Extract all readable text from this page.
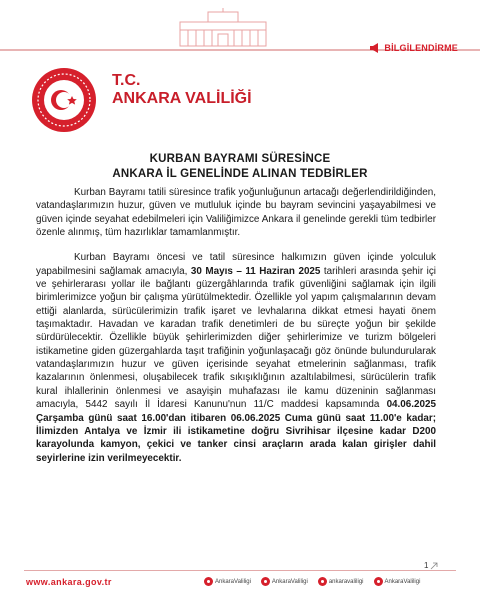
BİLGİLENDİRME
T.C.
ANKARA VALİLİĞİ
KURBAN BAYRAMI SÜRESİNCE
ANKARA İL GENELİNDE ALINAN TEDBİRLER

Kurban Bayramı tatili süresince trafik yoğunluğunun artacağı değerlendirildiğinden, vatandaşlarımızın huzur, güven ve mutluluk içinde bu bayram sevincini yaşayabilmesi ve güven içinde seyahat edebilmeleri için Valiliğimizce Ankara il genelinde gerekli tüm tedbirler özenle alınmış, tüm hazırlıklar tamamlanmıştır.

Kurban Bayramı öncesi ve tatil süresince halkımızın güven içinde yolculuk yapabilmesini sağlamak amacıyla, 30 Mayıs – 11 Haziran 2025 tarihleri arasında şehir içi ve şehirlerarası yollar ile bağlantı güzergâhlarında trafik güvenliğini sağlamak için ilgili birimlerimizce yoğun bir çalışma yürütülmektedir. Özellikle yol yapım çalışmalarının devam ettiği alanlarda, sürücülerimizin trafik işaret ve levhalarına dikkat etmesi hayati önem taşımaktadır. Havadan ve karadan trafik denetimleri de bu süreçte yoğun bir şekilde sürdürülecektir. Özellikle büyük şehirlerimizden diğer şehirlerimize ve turizm bölgeleri istikametine giden güzergahlarda taşıt trafiğinin yoğunlaşacağı göz önünde bulundurularak vatandaşlarımızın huzur ve güven içerisinde seyahat etmelerinin sağlanması, trafik kazalarının önlenmesi, oluşabilecek trafik sıkışıklığının azaltılabilmesi, sürücülerin trafik kural ihlallerinin önlenmesi ve asayişin muhafazası ile kamu düzeninin sağlanması amacıyla, 5442 sayılı İl İdaresi Kanunu'nun 11/C maddesi kapsamında 04.06.2025 Çarşamba günü saat 16.00'dan itibaren 06.06.2025 Cuma günü saat 11.00'e kadar; İlimizden Antalya ve İzmir ili istikametine doğru Sivrihisar ilçesine kadar D200 karayolunda kamyon, çekici ve tanker cinsi araçların arada kalan girişler dahil seyirlerine izin verilmeyecektir.

1
www.ankara.gov.tr	AnkaraValiligi	AnkaraValiligi	ankaravaliligi	AnkaraValiligi
